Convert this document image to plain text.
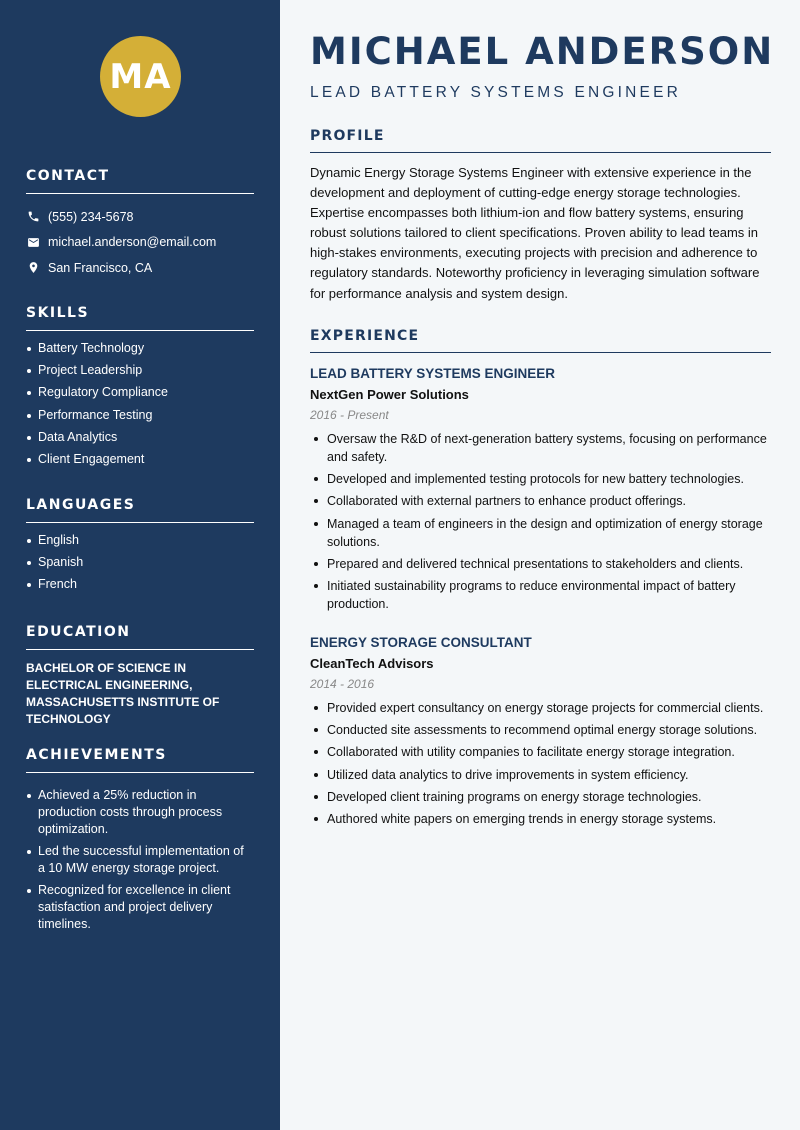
MA
CONTACT
(555) 234-5678
michael.anderson@email.com
San Francisco, CA
SKILLS
Battery Technology
Project Leadership
Regulatory Compliance
Performance Testing
Data Analytics
Client Engagement
LANGUAGES
English
Spanish
French
EDUCATION
BACHELOR OF SCIENCE IN ELECTRICAL ENGINEERING, MASSACHUSETTS INSTITUTE OF TECHNOLOGY
ACHIEVEMENTS
Achieved a 25% reduction in production costs through process optimization.
Led the successful implementation of a 10 MW energy storage project.
Recognized for excellence in client satisfaction and project delivery timelines.
MICHAEL ANDERSON
LEAD BATTERY SYSTEMS ENGINEER
PROFILE

Dynamic Energy Storage Systems Engineer with extensive experience in the development and deployment of cutting-edge energy storage technologies. Expertise encompasses both lithium-ion and flow battery systems, ensuring robust solutions tailored to client specifications. Proven ability to lead teams in high-stakes environments, executing projects with precision and adherence to regulatory standards. Noteworthy proficiency in leveraging simulation software for performance analysis and system design.

EXPERIENCE
LEAD BATTERY SYSTEMS ENGINEER
NextGen Power Solutions
2016 - Present
Oversaw the R&D of next-generation battery systems, focusing on performance and safety.
Developed and implemented testing protocols for new battery technologies.
Collaborated with external partners to enhance product offerings.
Managed a team of engineers in the design and optimization of energy storage solutions.
Prepared and delivered technical presentations to stakeholders and clients.
Initiated sustainability programs to reduce environmental impact of battery production.
ENERGY STORAGE CONSULTANT
CleanTech Advisors
2014 - 2016
Provided expert consultancy on energy storage projects for commercial clients.
Conducted site assessments to recommend optimal energy storage solutions.
Collaborated with utility companies to facilitate energy storage integration.
Utilized data analytics to drive improvements in system efficiency.
Developed client training programs on energy storage technologies.
Authored white papers on emerging trends in energy storage systems.
